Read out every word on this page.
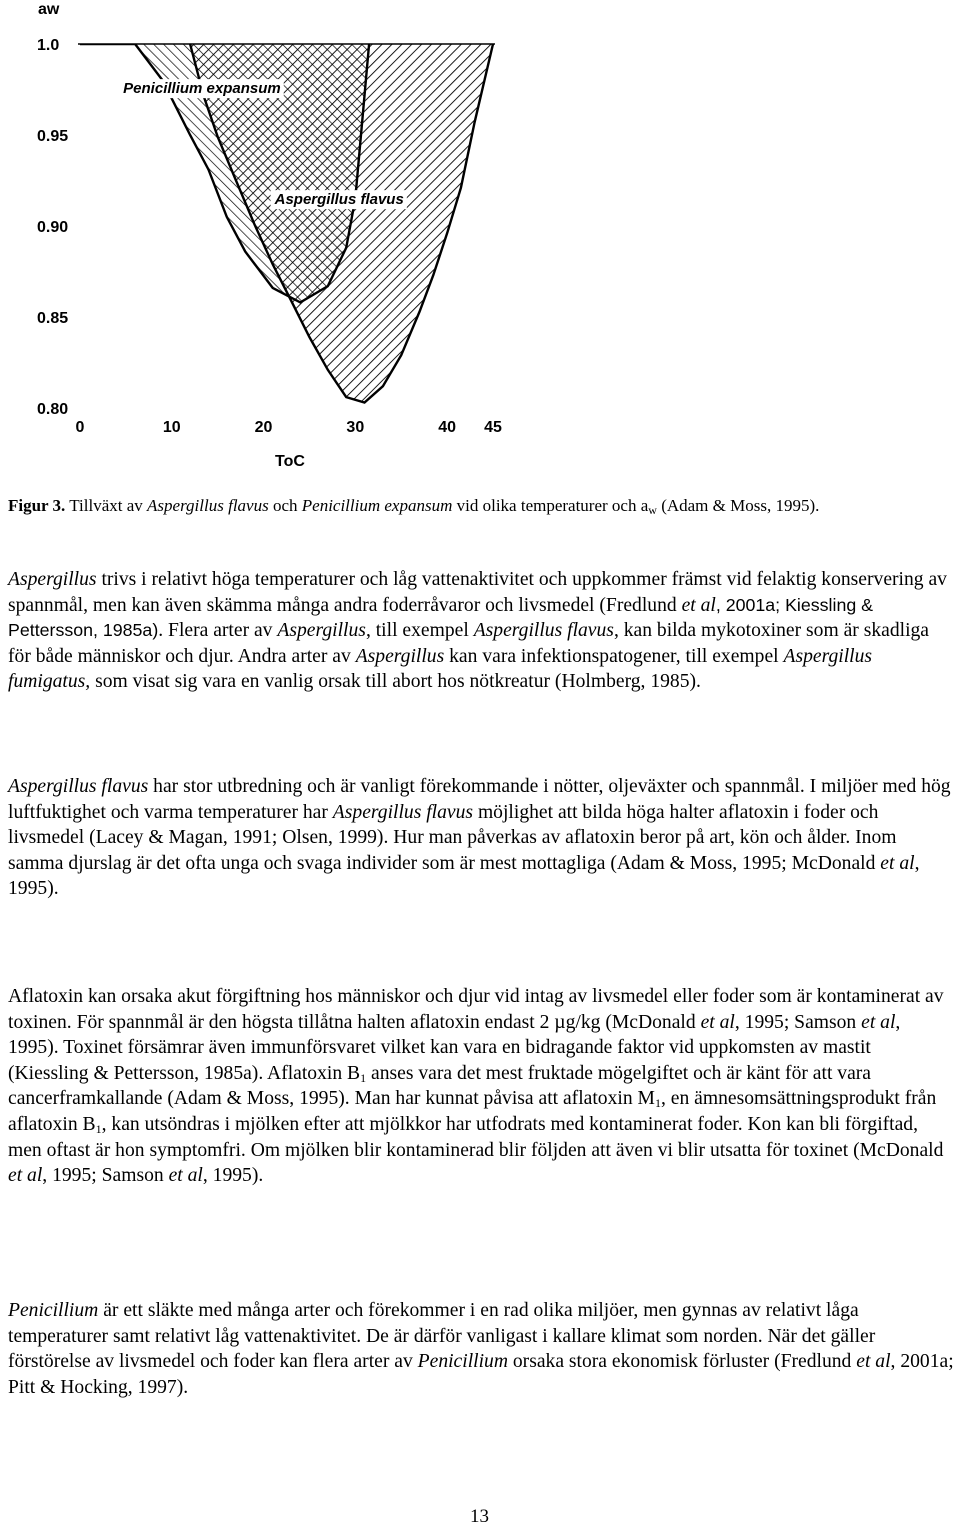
Penicillium expansum
Aspergillus flavus
0	10	20	30	40 45
1.0
0.95
0.90
0.85
0.80
aw
ToC
Figur 3. Tillväxt av Aspergillus flavus och Penicillium expansum vid olika temperaturer och $a_w$ (Adam & Moss, 1995).

Aspergillus trivs i relativt höga temperaturer och låg vattenaktivitet och uppkommer främst vid felaktig konservering av spannmål, men kan även skämma många andra foderråvaror och livsmedel (Fredlund et al, 2001a; Kiessling & Pettersson, 1985a). Flera arter av Aspergillus, till exempel Aspergillus flavus, kan bilda mykotoxiner som är skadliga för både människor och djur. Andra arter av Aspergillus kan vara infektionspatogener, till exempel Aspergillus fumigatus, som visat sig vara en vanlig orsak till abort hos nötkreatur (Holmberg, 1985).

Aspergillus flavus har stor utbredning och är vanligt förekommande i nötter, oljeväxter och spannmål. I miljöer med hög luftfuktighet och varma temperaturer har Aspergillus flavus möjlighet att bilda höga halter aflatoxin i foder och livsmedel (Lacey & Magan, 1991; Olsen, 1999). Hur man påverkas av aflatoxin beror på art, kön och ålder. Inom samma djurslag är det ofta unga och svaga individer som är mest mottagliga (Adam & Moss, 1995; McDonald et al, 1995).

Aflatoxin kan orsaka akut förgiftning hos människor och djur vid intag av livsmedel eller foder som är kontaminerat av toxinen. För spannmål är den högsta tillåtna halten aflatoxin endast 2 µg/kg (McDonald et al, 1995; Samson et al, 1995). Toxinet försämrar även immunförsvaret vilket kan vara en bidragande faktor vid uppkomsten av mastit (Kiessling & Pettersson, 1985a). Aflatoxin $B_1$ anses vara det mest fruktade mögelgiftet och är känt för att vara cancerframkallande (Adam & Moss, 1995). Man har kunnat påvisa att aflatoxin $M_1$, en ämnesomsättningsprodukt från aflatoxin $B_1$, kan utsöndras i mjölken efter att mjölkkor har utfodrats med kontaminerat foder. Kon kan bli förgiftad, men oftast är hon symptomfri. Om mjölken blir kontaminerad blir följden att även vi blir utsatta för toxinet (McDonald et al, 1995; Samson et al, 1995).

Penicillium är ett släkte med många arter och förekommer i en rad olika miljöer, men gynnas av relativt låga temperaturer samt relativt låg vattenaktivitet. De är därför vanligast i kallare klimat som norden. När det gäller förstörelse av livsmedel och foder kan flera arter av Penicillium orsaka stora ekonomisk förluster (Fredlund et al, 2001a; Pitt & Hocking, 1997).

13
